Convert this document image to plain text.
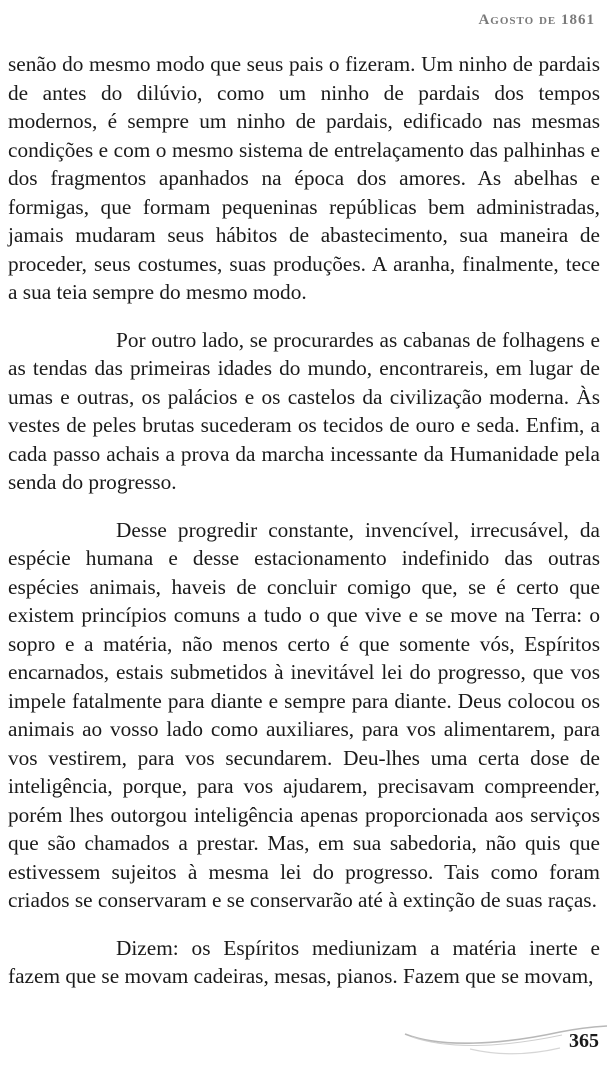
Agosto de 1861

senão do mesmo modo que seus pais o fizeram. Um ninho de pardais de antes do dilúvio, como um ninho de pardais dos tempos modernos, é sempre um ninho de pardais, edificado nas mesmas condições e com o mesmo sistema de entrelaçamento das palhinhas e dos fragmentos apanhados na época dos amores. As abelhas e formigas, que formam pequeninas repúblicas bem administradas, jamais mudaram seus hábitos de abastecimento, sua maneira de proceder, seus costumes, suas produções. A aranha, finalmente, tece a sua teia sempre do mesmo modo.

Por outro lado, se procurardes as cabanas de folhagens e as tendas das primeiras idades do mundo, encontrareis, em lugar de umas e outras, os palácios e os castelos da civilização moderna. Às vestes de peles brutas sucederam os tecidos de ouro e seda. Enfim, a cada passo achais a prova da marcha incessante da Humanidade pela senda do progresso.

Desse progredir constante, invencível, irrecusável, da espécie humana e desse estacionamento indefinido das outras espécies animais, haveis de concluir comigo que, se é certo que existem princípios comuns a tudo o que vive e se move na Terra: o sopro e a matéria, não menos certo é que somente vós, Espíritos encarnados, estais submetidos à inevitável lei do progresso, que vos impele fatalmente para diante e sempre para diante. Deus colocou os animais ao vosso lado como auxiliares, para vos alimentarem, para vos vestirem, para vos secundarem. Deu-lhes uma certa dose de inteligência, porque, para vos ajudarem, precisavam compreender, porém lhes outorgou inteligência apenas proporcionada aos serviços que são chamados a prestar. Mas, em sua sabedoria, não quis que estivessem sujeitos à mesma lei do progresso. Tais como foram criados se conservaram e se conservarão até à extinção de suas raças.

Dizem: os Espíritos mediunizam a matéria inerte e fazem que se movam cadeiras, mesas, pianos. Fazem que se movam,

365
